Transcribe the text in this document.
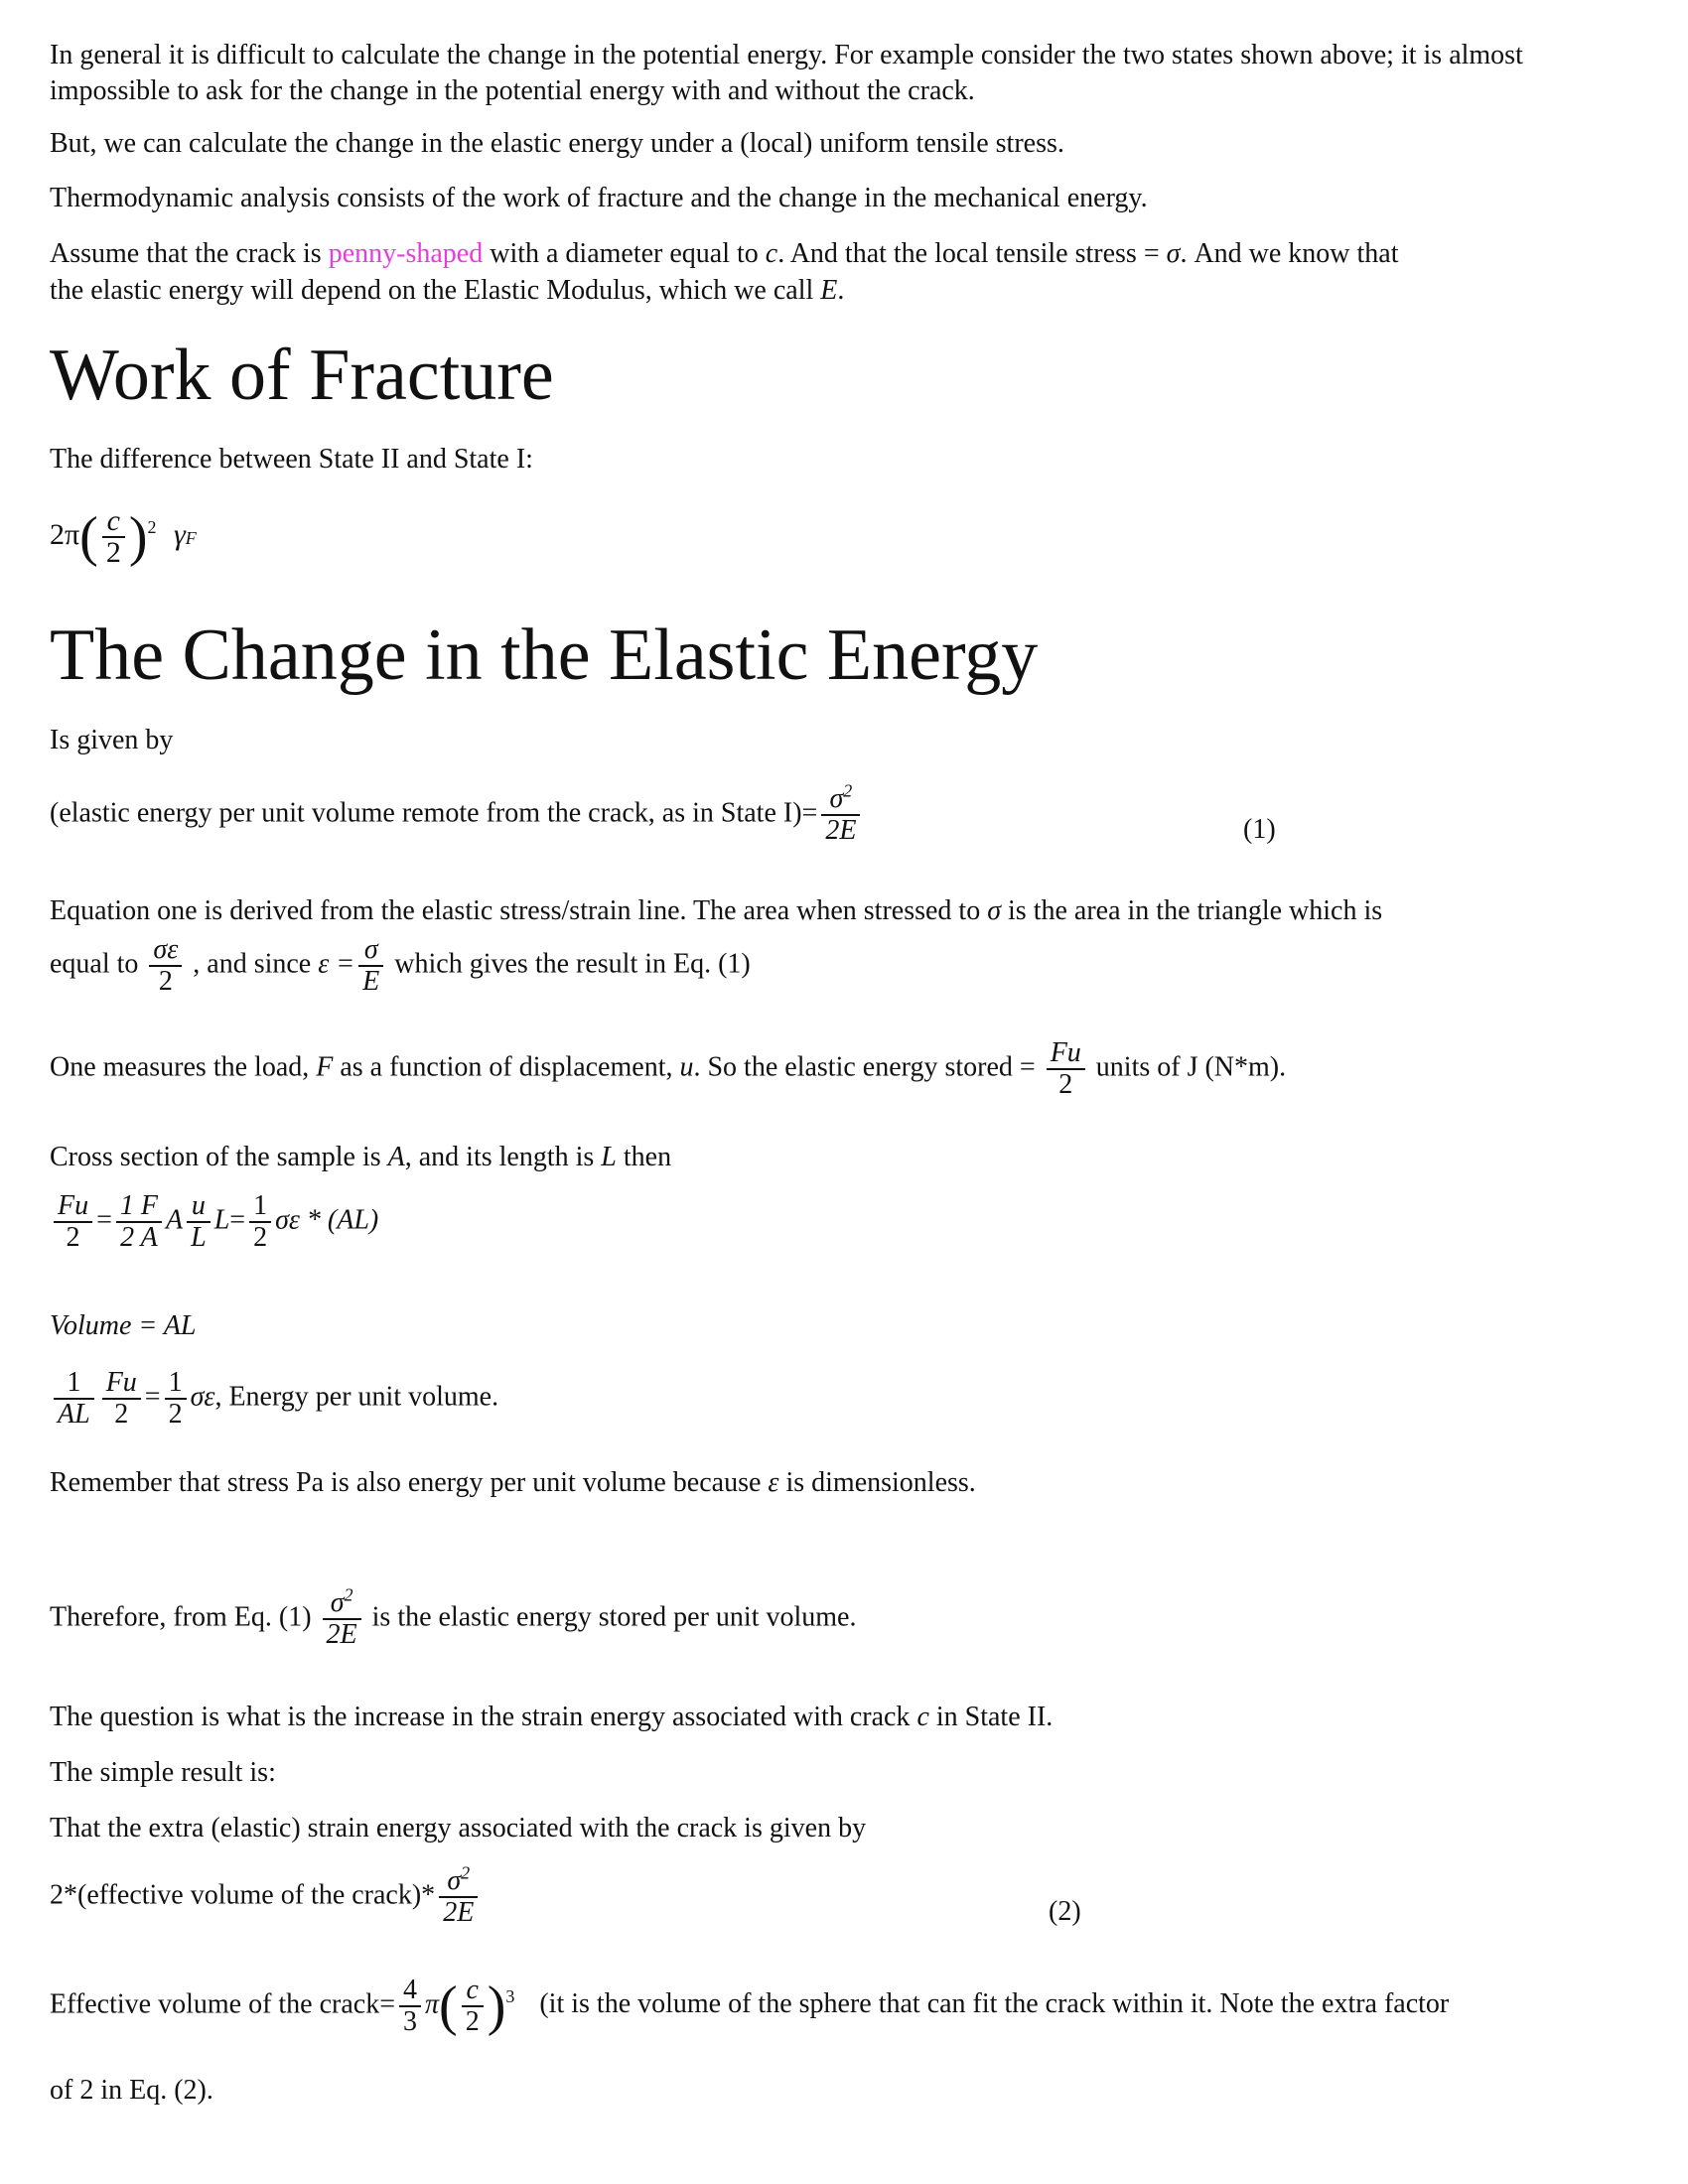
In general it is difficult to calculate the change in the potential energy. For example consider the two states shown above; it is almost impossible to ask for the change in the potential energy with and without the crack.
But, we can calculate the change in the elastic energy under a (local) uniform tensile stress.
Thermodynamic analysis consists of the work of fracture and the change in the mechanical energy.
Assume that the crack is penny-shaped with a diameter equal to c. And that the local tensile stress = σ. And we know that
the elastic energy will depend on the Elastic Modulus, which we call E.
Work of Fracture
The difference between State II and State I:
$2\pi( \frac{c}{2} )^2$ γF
The Change in the Elastic Energy
Is given by
(elastic energy per unit volume remote from the crack, as in State $I)= \frac{\sigma^2}{2E}$	(1)
Equation one is derived from the elastic stress/strain line. The area when stressed to σ is the area in the triangle which is
equal to $\frac{\sigma\varepsilon}{2}$ , and since $\varepsilon = \frac{\sigma}{E}$ which gives the result in Eq. (1)
One measures the load, F as a function of displacement, u. So the elastic energy stored = $\frac{Fu}{2}$ units of J (N*m).
Cross section of the sample is A, and its length is L then
$\frac{Fu}{2} = \frac{1 F}{2 A}$ A $\frac{u}{L} L= \frac{1}{2}$ σε * (AL)
Volume = AL
$\frac{1}{AL} \frac{Fu}{2} = \frac{1}{2} \sigma\varepsilon$, Energy per unit volume.
Remember that stress Pa is also energy per unit volume because ε is dimensionless.
Therefore, from Eq. $(1) \frac{\sigma^2}{2E}$ is the elastic energy stored per unit volume.
The question is what is the increase in the strain energy associated with crack c in State II.
The simple result is:
That the extra (elastic) strain energy associated with the crack is given by
2*(effective volume of the crack)* $\frac{\sigma^2}{2E}$	(2)
Effective volume of the crack= $\frac{4}{3} \pi( \frac{c}{2} )^3$ (it is the volume of the sphere that can fit the crack within it. Note the extra factor
of 2 in Eq. (2).
